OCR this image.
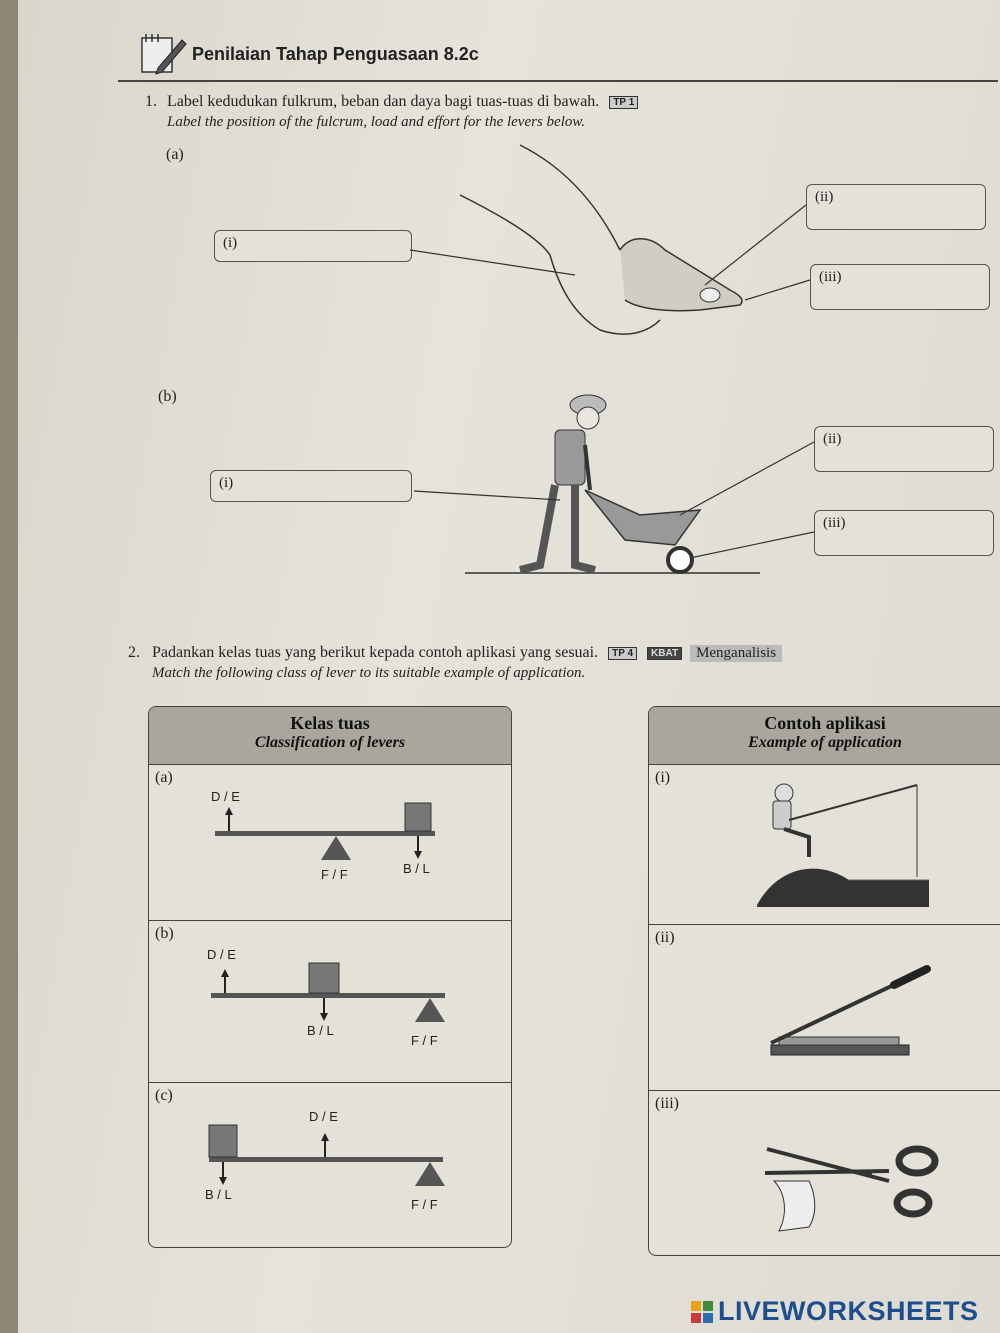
Penilaian Tahap Penguasaan 8.2c
1. Label kedudukan fulkrum, beban dan daya bagi tuas-tuas di bawah. TP 1
Label the position of the fulcrum, load and effort for the levers below.
(a)
(i)
(ii)
(iii)
(b)
(i)
(ii)
(iii)
2. Padankan kelas tuas yang berikut kepada contoh aplikasi yang sesuai. TP 4 KBAT Menganalisis
Match the following class of lever to its suitable example of application.
Kelas tuas
Classification of levers
(a)
D / E
B / L
F / F
(b)
D / E
B / L
F / F
(c)
B / L
D / E
F / F
Contoh aplikasi
Example of application
(i)
(ii)
(iii)
LIVEWORKSHEETS
